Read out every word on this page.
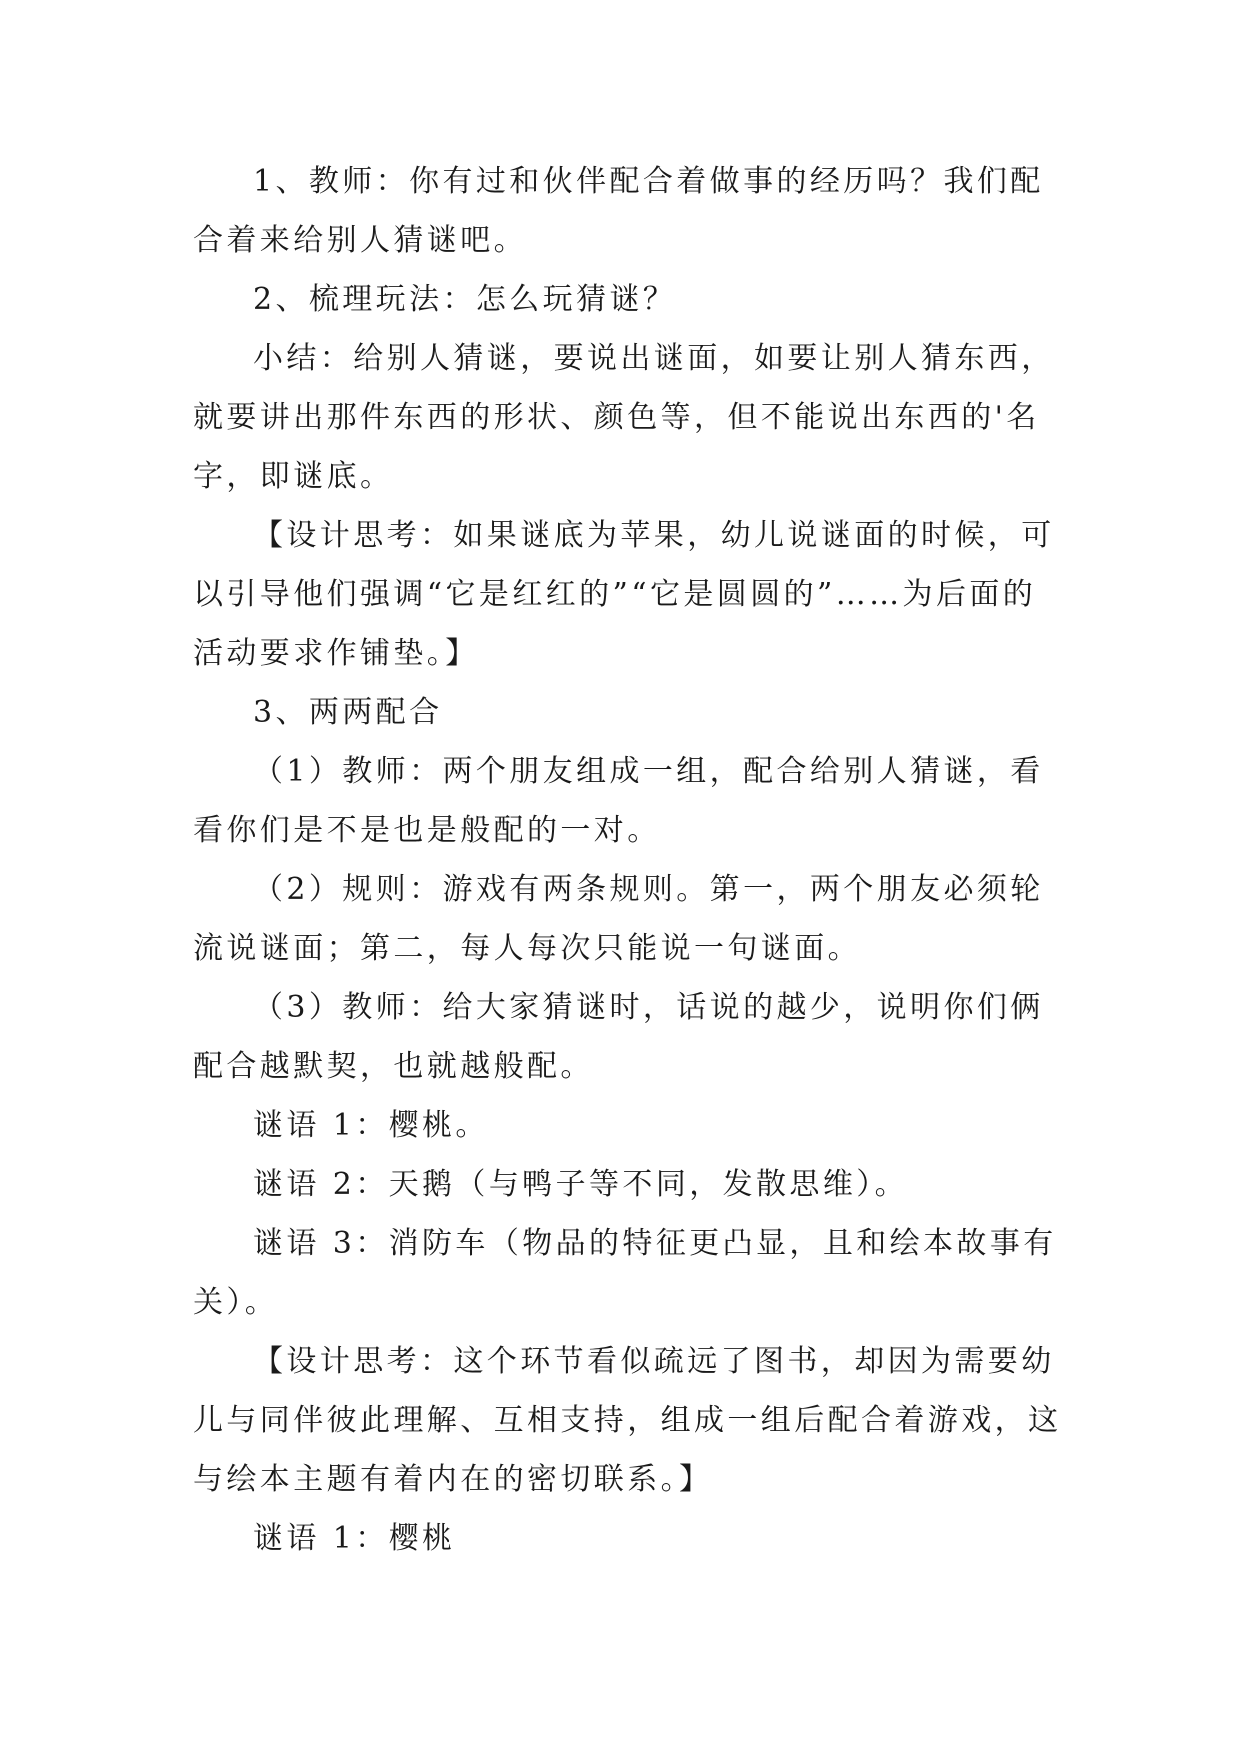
1、教师：你有过和伙伴配合着做事的经历吗？我们配合着来给别人猜谜吧。

2、梳理玩法：怎么玩猜谜？

小结：给别人猜谜，要说出谜面，如要让别人猜东西，就要讲出那件东西的形状、颜色等，但不能说出东西的'名字，即谜底。

【设计思考：如果谜底为苹果，幼儿说谜面的时候，可以引导他们强调“它是红红的”“它是圆圆的”……为后面的活动要求作铺垫。】

3、两两配合

（1）教师：两个朋友组成一组，配合给别人猜谜，看看你们是不是也是般配的一对。

（2）规则：游戏有两条规则。第一，两个朋友必须轮流说谜面；第二，每人每次只能说一句谜面。

（3）教师：给大家猜谜时，话说的越少，说明你们俩配合越默契，也就越般配。

谜语 1：樱桃。

谜语 2：天鹅（与鸭子等不同，发散思维）。

谜语 3：消防车（物品的特征更凸显，且和绘本故事有关）。

【设计思考：这个环节看似疏远了图书，却因为需要幼儿与同伴彼此理解、互相支持，组成一组后配合着游戏，这与绘本主题有着内在的密切联系。】

谜语 1：樱桃
